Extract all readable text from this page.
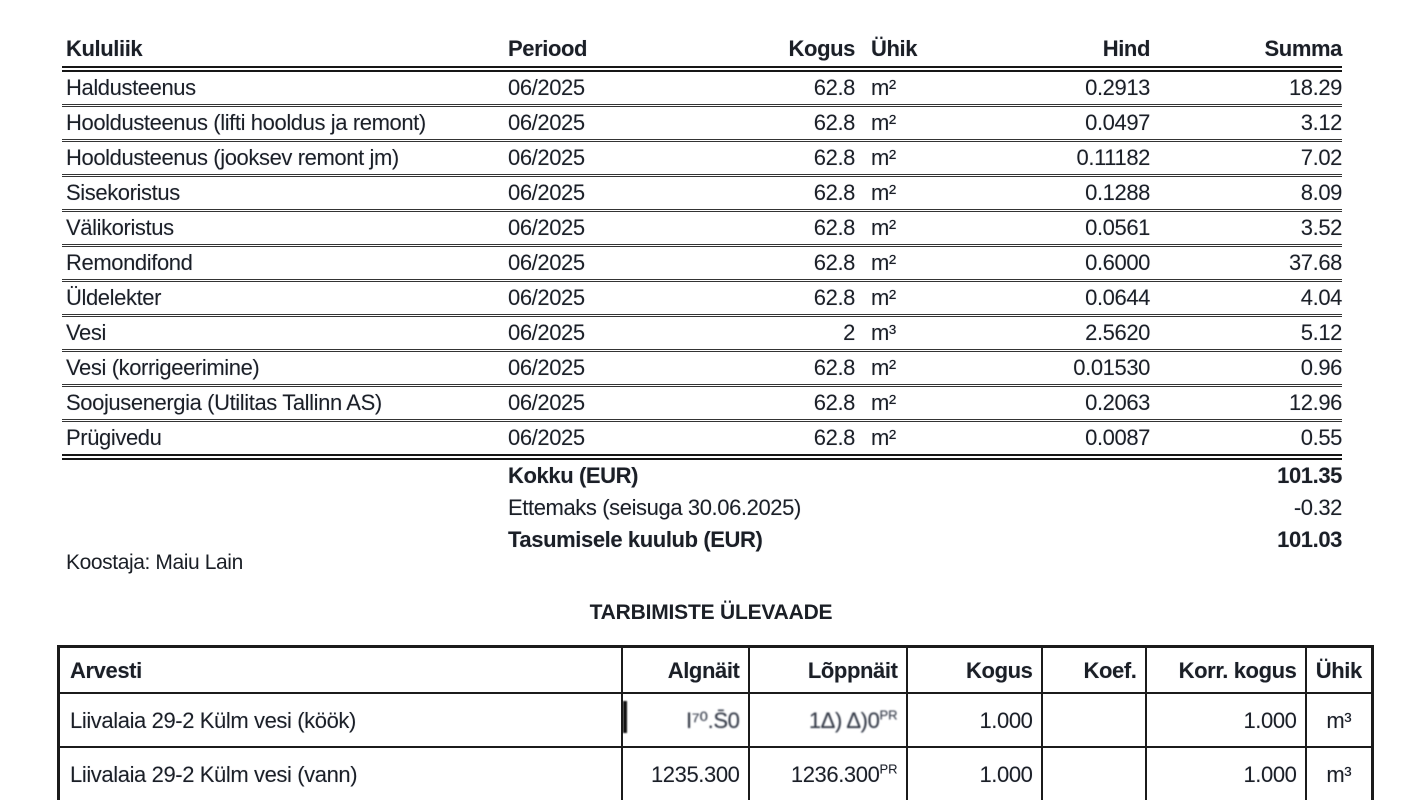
Kululiik	Periood	Kogus	Ühik	Hind	Summa
Haldusteenus	06/2025	62.8	m²	0.2913	18.29
Hooldusteenus (lifti hooldus ja remont)	06/2025	62.8	m²	0.0497	3.12
Hooldusteenus (jooksev remont jm)	06/2025	62.8	m²	0.11182	7.02
Sisekoristus	06/2025	62.8	m²	0.1288	8.09
Välikoristus	06/2025	62.8	m²	0.0561	3.52
Remondifond	06/2025	62.8	m²	0.6000	37.68
Üldelekter	06/2025	62.8	m²	0.0644	4.04
Vesi	06/2025	2	m³	2.5620	5.12
Vesi (korrigeerimine)	06/2025	62.8	m²	0.01530	0.96
Soojusenergia (Utilitas Tallinn AS)	06/2025	62.8	m²	0.2063	12.96
Prügivedu	06/2025	62.8	m²	0.0087	0.55
	Kokku (EUR)				101.35
	Ettemaks (seisuga 30.06.2025)				-0.32
	Tasumisele kuulub (EUR)				101.03
Koostaja: Maiu Lain
TARBIMISTE ÜLEVAADE
Arvesti	Algnäit	Lõppnäit	Kogus	Koef.	Korr. kogus	Ühik
Liivalaia 29-2 Külm vesi (köök)	I⁷⁰.S̄0	1Δ) $\Delta)0^{PR}$	1.000		1.000	m³
Liivalaia 29-2 Külm vesi (vann)	1235.300	$1236.300^{PR}$	1.000		1.000	m³
